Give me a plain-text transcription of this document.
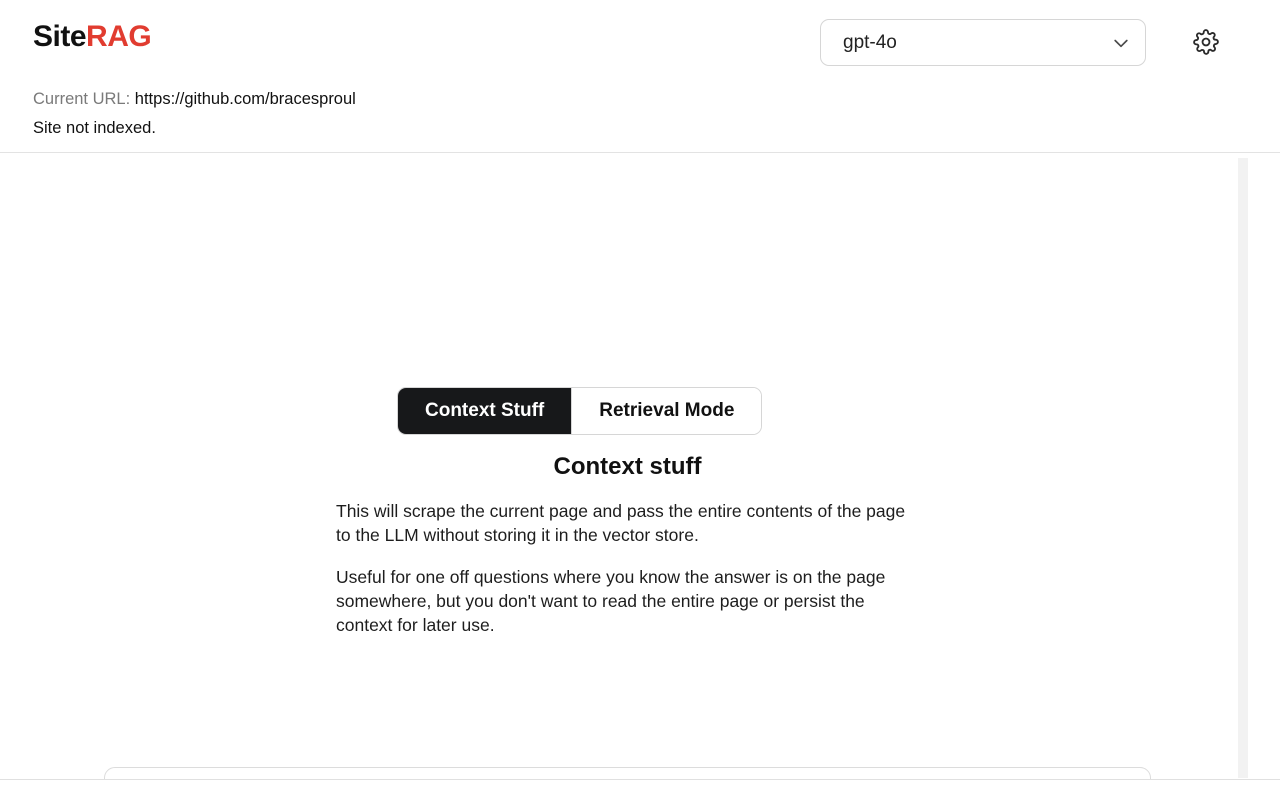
SiteRAG	gpt-4o
Current URL: https://github.com/bracesproul
Site not indexed.
Context Stuff	Retrieval Mode
Context stuff

This will scrape the current page and pass the entire contents of the page to the LLM without storing it in the vector store.

Useful for one off questions where you know the answer is on the page somewhere, but you don't want to read the entire page or persist the context for later use.

Write a message...
